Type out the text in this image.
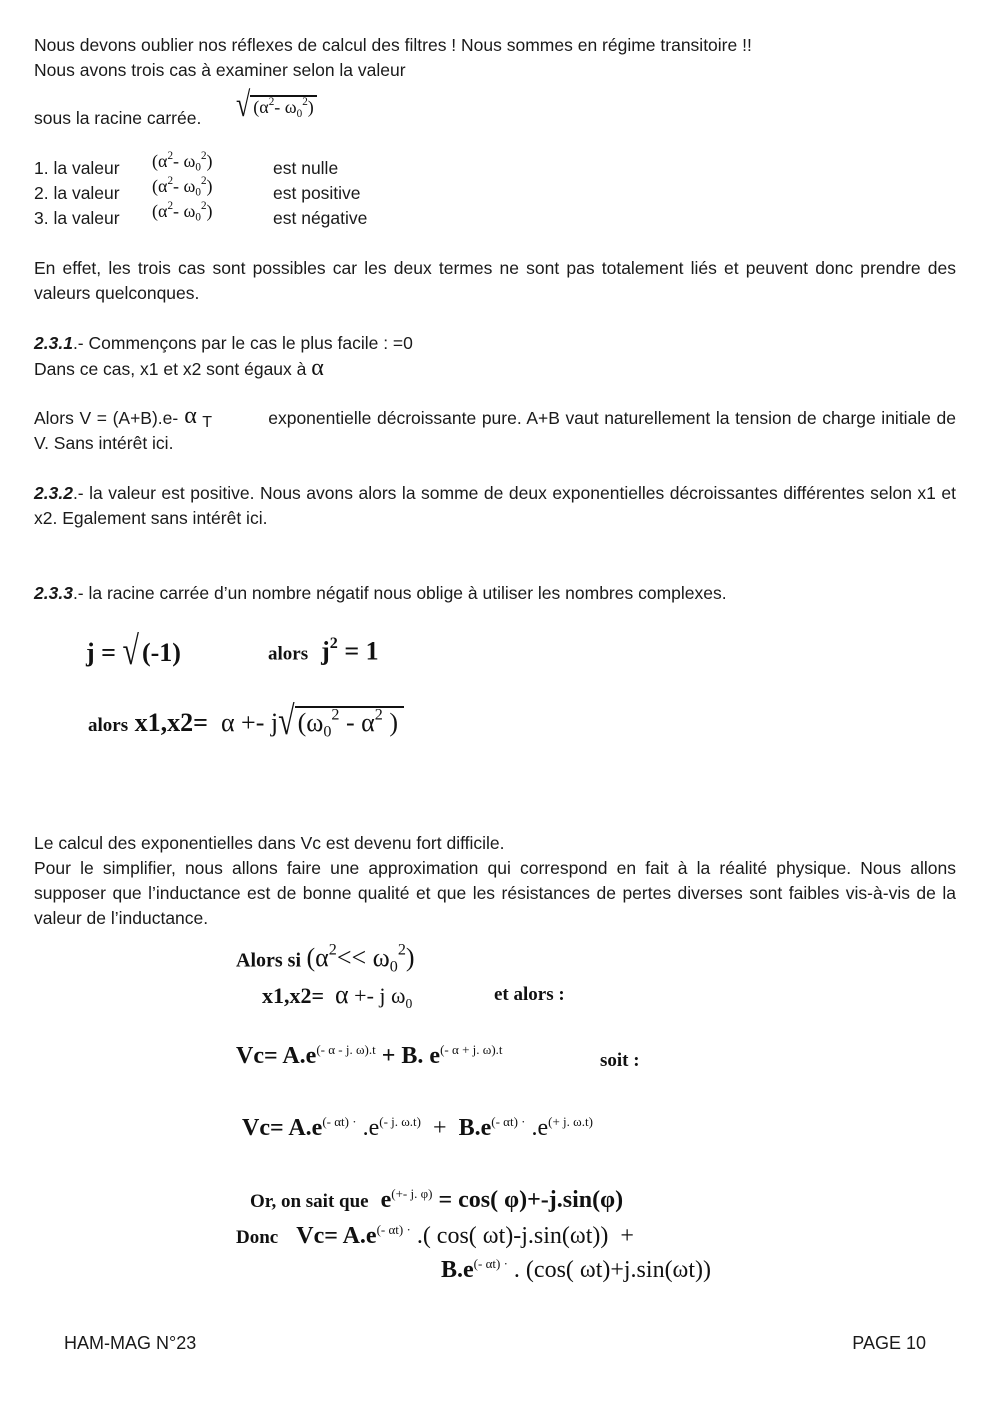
Nous devons oublier nos réflexes de calcul des filtres ! Nous sommes en régime transitoire !!

Nous avons trois cas à examiner selon la valeur

sous la racine carrée.	√ ($\alpha^2-$ $\omega_0^2$)
1. la valeur ($\alpha^2-$ $\omega_0^2$)	est nulle
2. la valeur ($\alpha^2-$ $\omega_0^2$)	est positive
3. la valeur ($\alpha^2-$ $\omega_0^2$)	est négative

En effet, les trois cas sont possibles car les deux termes ne sont pas totalement liés et peuvent donc prendre des valeurs quelconques.

2.3.1.- Commençons par le cas le plus facile : =0

Dans ce cas, x1 et x2 sont égaux à α

Alors V = (A+B).e- α T	exponentielle décroissante pure. A+B vaut naturellement la tension de charge initiale de V. Sans intérêt ici.

2.3.2.- la valeur est positive. Nous avons alors la somme de deux exponentielles décroissantes différentes selon x1 et x2. Egalement sans intérêt ici.

2.3.3.- la racine carrée d’un nombre négatif nous oblige à utiliser les nombres complexes.

j = √ (-1)	alors $j^2 = 1$
alors x1,x2=  α +- j√ ($\omega_0^2 - \alpha^2$ )

Le calcul des exponentielles dans Vc est devenu fort difficile.

Pour le simplifier, nous allons faire une approximation qui correspond en fait à la réalité physique. Nous allons supposer que l’inductance est de bonne qualité et que les résistances de pertes diverses sont faibles vis-à-vis de la valeur de l’inductance.

Alors si $(\alpha^2<< \omega_0^2)$
x1,x2= α +- j $\omega_0$	et alors :
$Vc= A.e^{(- \alpha - j. \omega).t} + B$. $e^{(- \alpha + j. \omega).t}$
soit :
$Vc= A.e^{(- \alpha t) \cdot}$ $.e^{(- j. \omega.t)} + B.e^{(- \alpha t) \cdot}$ $.e^{(+ j. \omega.t)}$
Or, on sait que $e^{(+- j. \varphi)} = \cos$( φ)+-j.sin(φ)
Donc $Vc= A.e^{(- \alpha t) \cdot}$ .( cos( ωt)-j.sin(ωt))  +
$B.e^{(- \alpha t) \cdot}$ . (cos( ωt)+j.sin(ωt))
HAM-MAG N°23	PAGE 10
